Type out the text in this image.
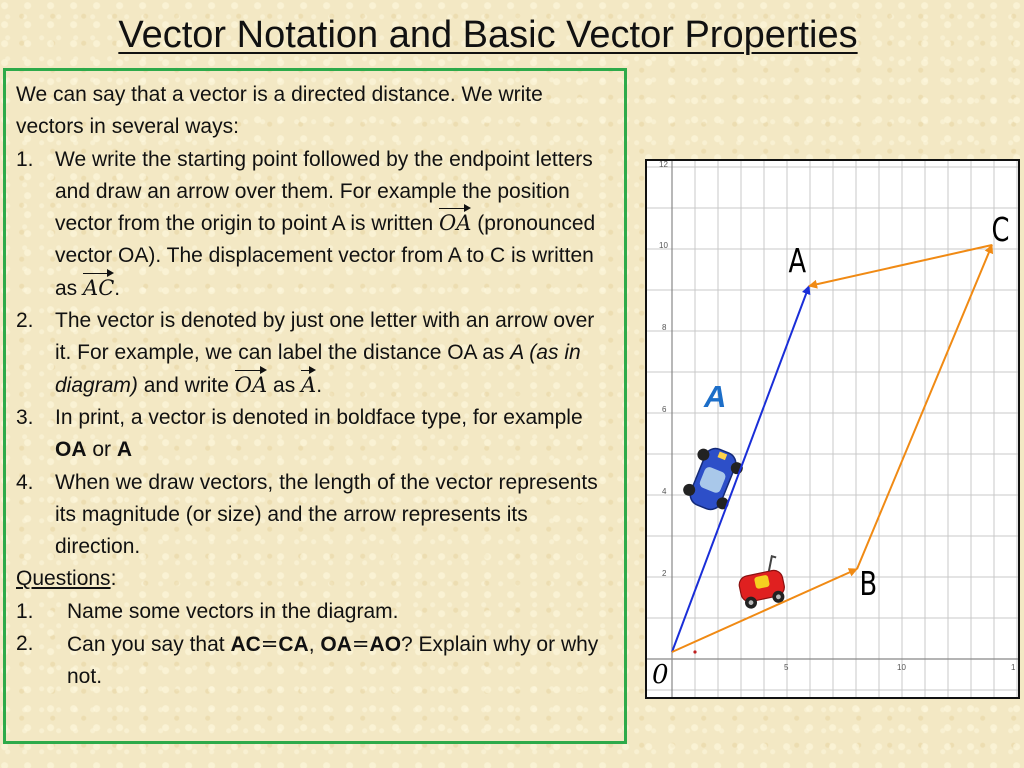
Vector Notation and Basic Vector Properties

We can say that a vector is a directed distance. We write vectors in several ways:

1. We write the starting point followed by the endpoint letters and draw an arrow over them. For example the position vector from the origin to point A is written OA (pronounced vector OA). The displacement vector from A to C is written as AC.

2. The vector is denoted by just one letter with an arrow over it. For example, we can label the distance OA as A (as in diagram) and write OA as A.

3. In print, a vector is denoted in boldface type, for example OA or A

4. When we draw vectors, the length of the vector represents its magnitude (or size) and the arrow represents its direction.

Questions:

1. Name some vectors in the diagram.

2. Can you say that AC=CA, OA=AO? Explain why or why not.

12
10
8
6
4
2
5	10	1
A
B
C
0
A
